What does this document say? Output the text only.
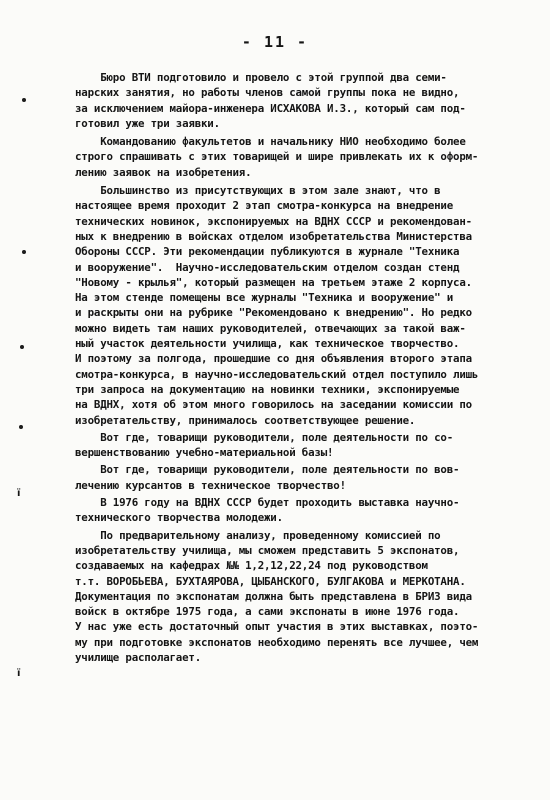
- 11 -
ї
ї
Бюро ВТИ подготовило и провело с этой группой два семи-
нарских занятия, но работы членов самой группы пока не видно,
за исключением майора-инженера ИСХАКОВА И.З., который сам под-
готовил уже три заявки.
Командованию факультетов и начальнику НИО необходимо более
строго спрашивать с этих товарищей и шире привлекать их к оформ-
лению заявок на изобретения.
Большинство из присутствующих в этом зале знают, что в
настоящее время проходит 2 этап смотра-конкурса на внедрение
технических новинок, экспонируемых на ВДНХ СССР и рекомендован-
ных к внедрению в войсках отделом изобретательства Министерства
Обороны СССР. Эти рекомендации публикуются в журнале "Техника
и вооружение".  Научно-исследовательским отделом создан стенд
"Новому - крылья", который размещен на третьем этаже 2 корпуса.
На этом стенде помещены все журналы "Техника и вооружение" и
и раскрыты они на рубрике "Рекомендовано к внедрению". Но редко
можно видеть там наших руководителей, отвечающих за такой важ-
ный участок деятельности училища, как техническое творчество.
И поэтому за полгода, прошедшие со дня объявления второго этапа
смотра-конкурса, в научно-исследовательский отдел поступило лишь
три запроса на документацию на новинки техники, экспонируемые
на ВДНХ, хотя об этом много говорилось на заседании комиссии по
изобретательству, принималось соответствующее решение.
Вот где, товарищи руководители, поле деятельности по со-
вершенствованию учебно-материальной базы!
Вот где, товарищи руководители, поле деятельности по вов-
лечению курсантов в техническое творчество!
В 1976 году на ВДНХ СССР будет проходить выставка научно-
технического творчества молодежи.
По предварительному анализу, проведенному комиссией по
изобретательству училища, мы сможем представить 5 экспонатов,
создаваемых на кафедрах №№ 1,2,12,22,24 под руководством
т.т. ВОРОБЬЕВА, БУХТАЯРОВА, ЦЫБАНСКОГО, БУЛГАКОВА и МЕРКОТАНА.
Документация по экспонатам должна быть представлена в БРИЗ вида
войск в октябре 1975 года, а сами экспонаты в июне 1976 года.
У нас уже есть достаточный опыт участия в этих выставках, поэто-
му при подготовке экспонатов необходимо перенять все лучшее, чем
училище располагает.
